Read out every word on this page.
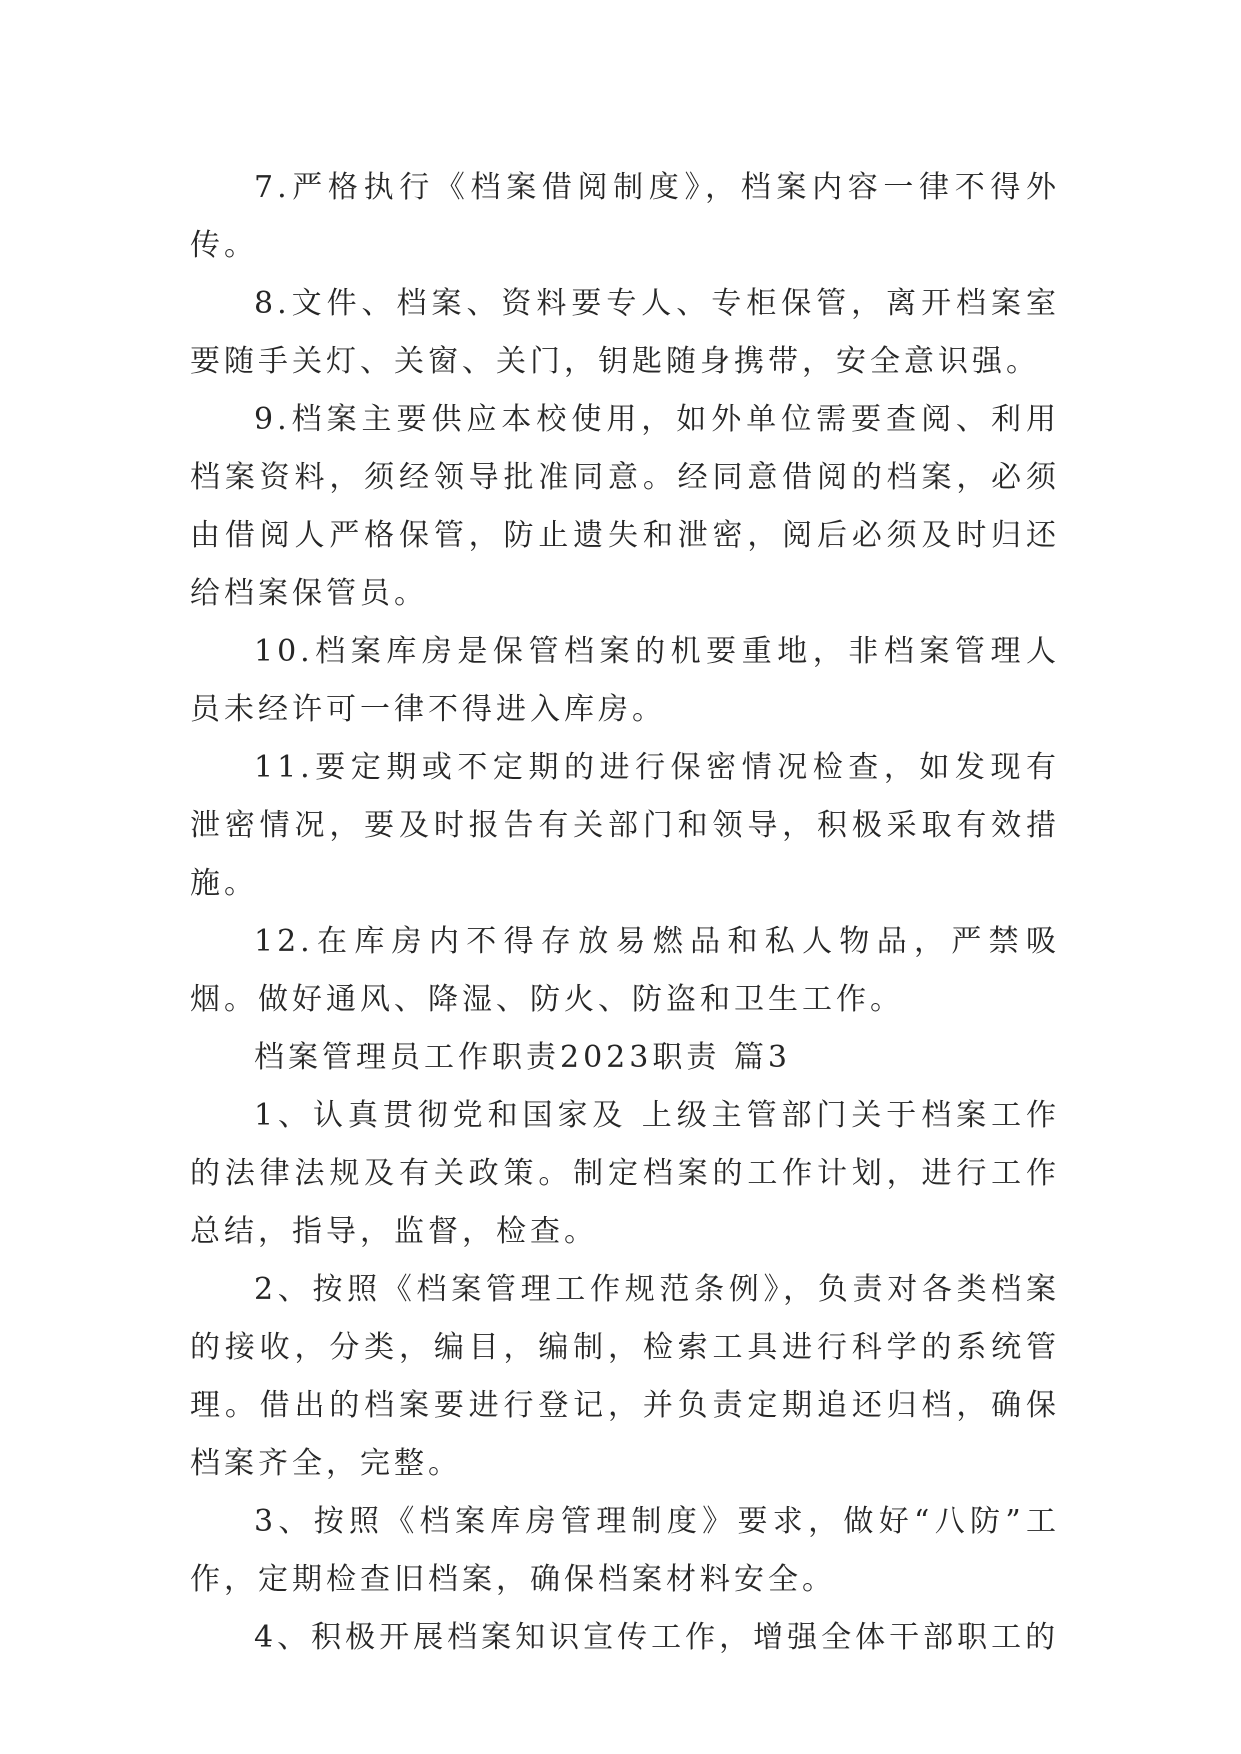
7.严格执行《档案借阅制度》，档案内容一律不得外传。

8.文件、档案、资料要专人、专柜保管，离开档案室要随手关灯、关窗、关门，钥匙随身携带，安全意识强。

9.档案主要供应本校使用，如外单位需要查阅、利用档案资料，须经领导批准同意。经同意借阅的档案，必须由借阅人严格保管，防止遗失和泄密，阅后必须及时归还给档案保管员。

10.档案库房是保管档案的机要重地，非档案管理人员未经许可一律不得进入库房。

11.要定期或不定期的进行保密情况检查，如发现有泄密情况，要及时报告有关部门和领导，积极采取有效措施。

12.在库房内不得存放易燃品和私人物品，严禁吸烟。做好通风、降湿、防火、防盗和卫生工作。

档案管理员工作职责2023职责 篇3

1、认真贯彻党和国家及 上级主管部门关于档案工作的法律法规及有关政策。制定档案的工作计划，进行工作总结，指导，监督，检查。

2、按照《档案管理工作规范条例》，负责对各类档案的接收，分类，编目，编制，检索工具进行科学的系统管理。借出的档案要进行登记，并负责定期追还归档，确保档案齐全，完整。

3、按照《档案库房管理制度》要求，做好“八防”工作，定期检查旧档案，确保档案材料安全。

4、积极开展档案知识宣传工作，增强全体干部职工的
